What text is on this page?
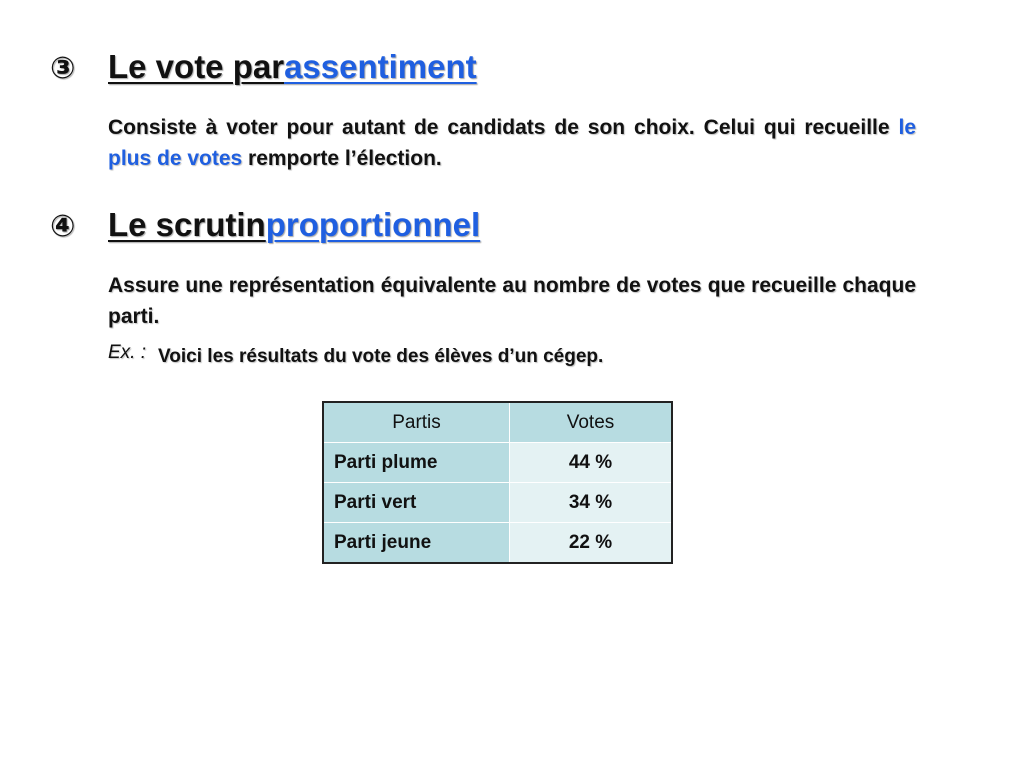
③ Le vote par assentiment
Consiste à voter pour autant de candidats de son choix. Celui qui recueille le plus de votes remporte l’élection.
④ Le scrutin proportionnel
Assure une représentation équivalente au nombre de votes que recueille chaque parti.
Ex. : Voici les résultats du vote des élèves d’un cégep.
Partis	Votes
Parti plume	44 %
Parti vert	34 %
Parti jeune	22 %
